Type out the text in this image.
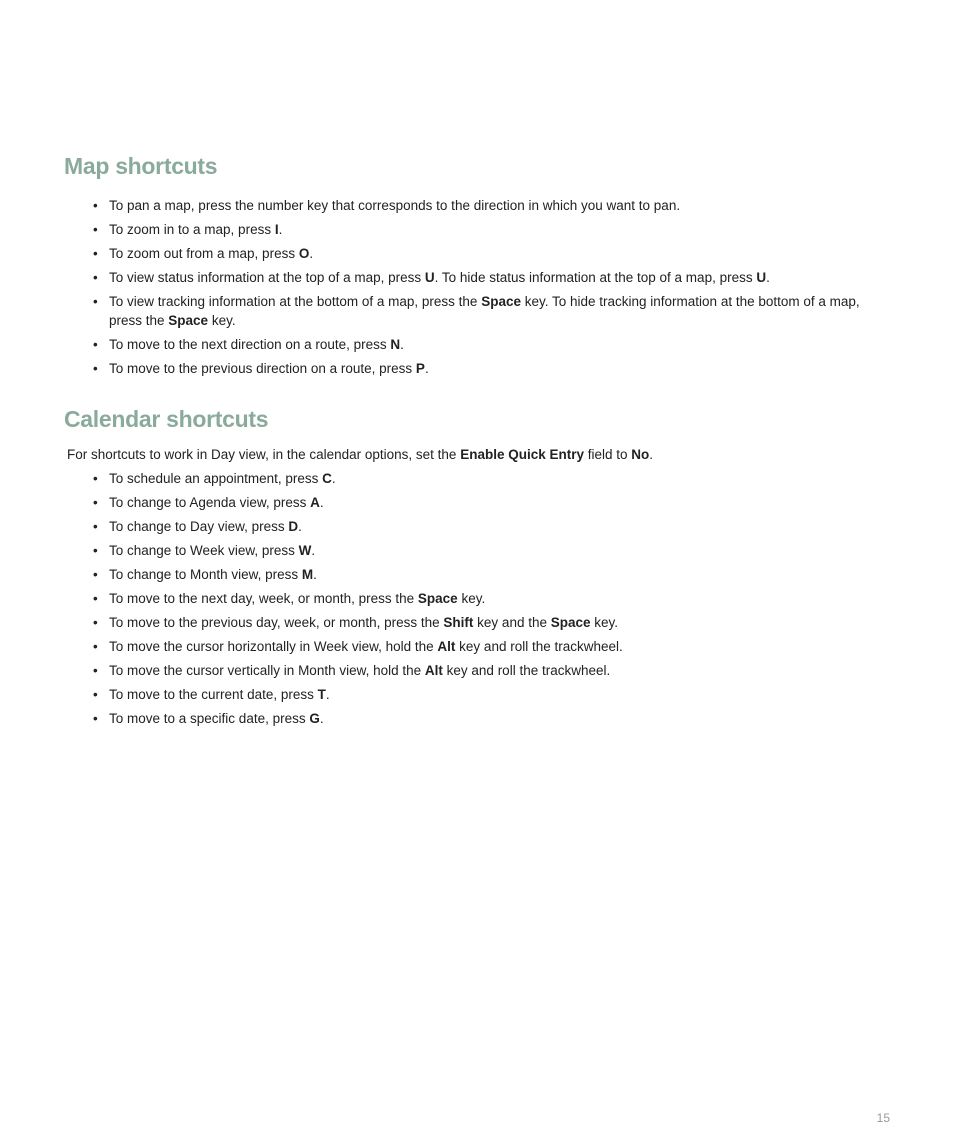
Map shortcuts
• To pan a map, press the number key that corresponds to the direction in which you want to pan.
• To zoom in to a map, press I.
• To zoom out from a map, press O.
• To view status information at the top of a map, press U. To hide status information at the top of a map, press U.
• To view tracking information at the bottom of a map, press the Space key. To hide tracking information at the bottom of a map, press the Space key.
• To move to the next direction on a route, press N.
• To move to the previous direction on a route, press P.
Calendar shortcuts

For shortcuts to work in Day view, in the calendar options, set the Enable Quick Entry field to No.

• To schedule an appointment, press C.
• To change to Agenda view, press A.
• To change to Day view, press D.
• To change to Week view, press W.
• To change to Month view, press M.
• To move to the next day, week, or month, press the Space key.
• To move to the previous day, week, or month, press the Shift key and the Space key.
• To move the cursor horizontally in Week view, hold the Alt key and roll the trackwheel.
• To move the cursor vertically in Month view, hold the Alt key and roll the trackwheel.
• To move to the current date, press T.
• To move to a specific date, press G.
15
